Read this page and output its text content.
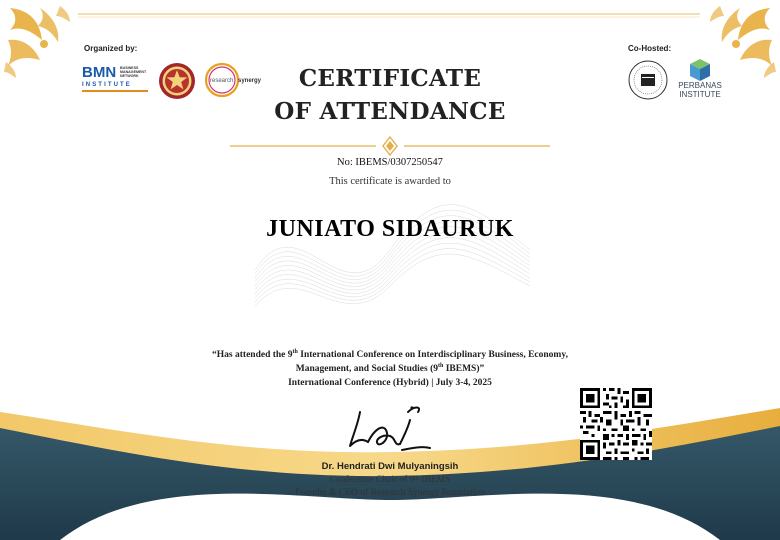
Organized by:
BMN BUSINESS
MANAGEMENT
NETWORK
INSTITUTE
research synergy
Co-Hosted:
PERBANAS
INSTITUTE
CERTIFICATE
OF ATTENDANCE
No: IBEMS/0307250547
This certificate is awarded to
JUNIATO SIDAURUK
“Has attended the 9th International Conference on Interdisciplinary Business, Economy,
Management, and Social Studies (9th IBEMS)”
International Conference (Hybrid) | July 3-4, 2025
Dr. Hendrati Dwi Mulyaningsih
Conference Chair of 9th IBEMS
Founder & CEO of Research Synergy Foundation
